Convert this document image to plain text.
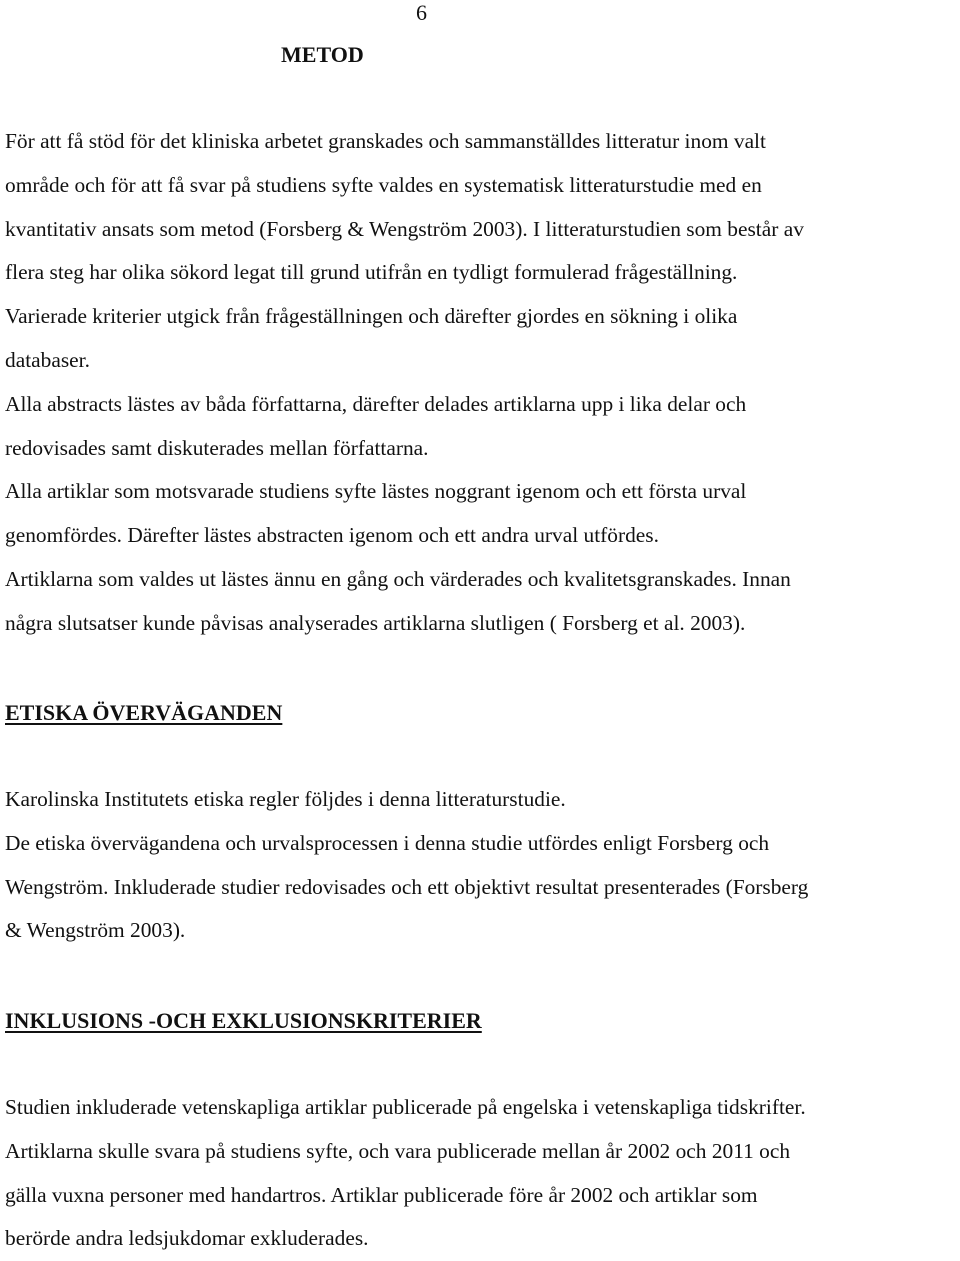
6
METOD
För att få stöd för det kliniska arbetet granskades och sammanställdes litteratur inom valt
område och för att få svar på studiens syfte valdes en systematisk litteraturstudie med en
kvantitativ ansats som metod (Forsberg & Wengström 2003). I litteraturstudien som består av
flera steg har olika sökord legat till grund utifrån en tydligt formulerad frågeställning.
Varierade kriterier utgick från frågeställningen och därefter gjordes en sökning i olika
databaser.
Alla abstracts lästes av båda författarna, därefter delades artiklarna upp i lika delar och
redovisades samt diskuterades mellan författarna.
Alla artiklar som motsvarade studiens syfte lästes noggrant igenom och ett första urval
genomfördes. Därefter lästes abstracten igenom och ett andra urval utfördes.
Artiklarna som valdes ut lästes ännu en gång och värderades och kvalitetsgranskades. Innan
några slutsatser kunde påvisas analyserades artiklarna slutligen ( Forsberg et al. 2003).
ETISKA ÖVERVÄGANDEN
Karolinska Institutets etiska regler följdes i denna litteraturstudie.
De etiska övervägandena och urvalsprocessen i denna studie utfördes enligt Forsberg och
Wengström. Inkluderade studier redovisades och ett objektivt resultat presenterades (Forsberg
& Wengström 2003).
INKLUSIONS -OCH EXKLUSIONSKRITERIER
Studien inkluderade vetenskapliga artiklar publicerade på engelska i vetenskapliga tidskrifter.
Artiklarna skulle svara på studiens syfte, och vara publicerade mellan år 2002 och 2011 och
gälla vuxna personer med handartros. Artiklar publicerade före år 2002 och artiklar som
berörde andra ledsjukdomar exkluderades.
